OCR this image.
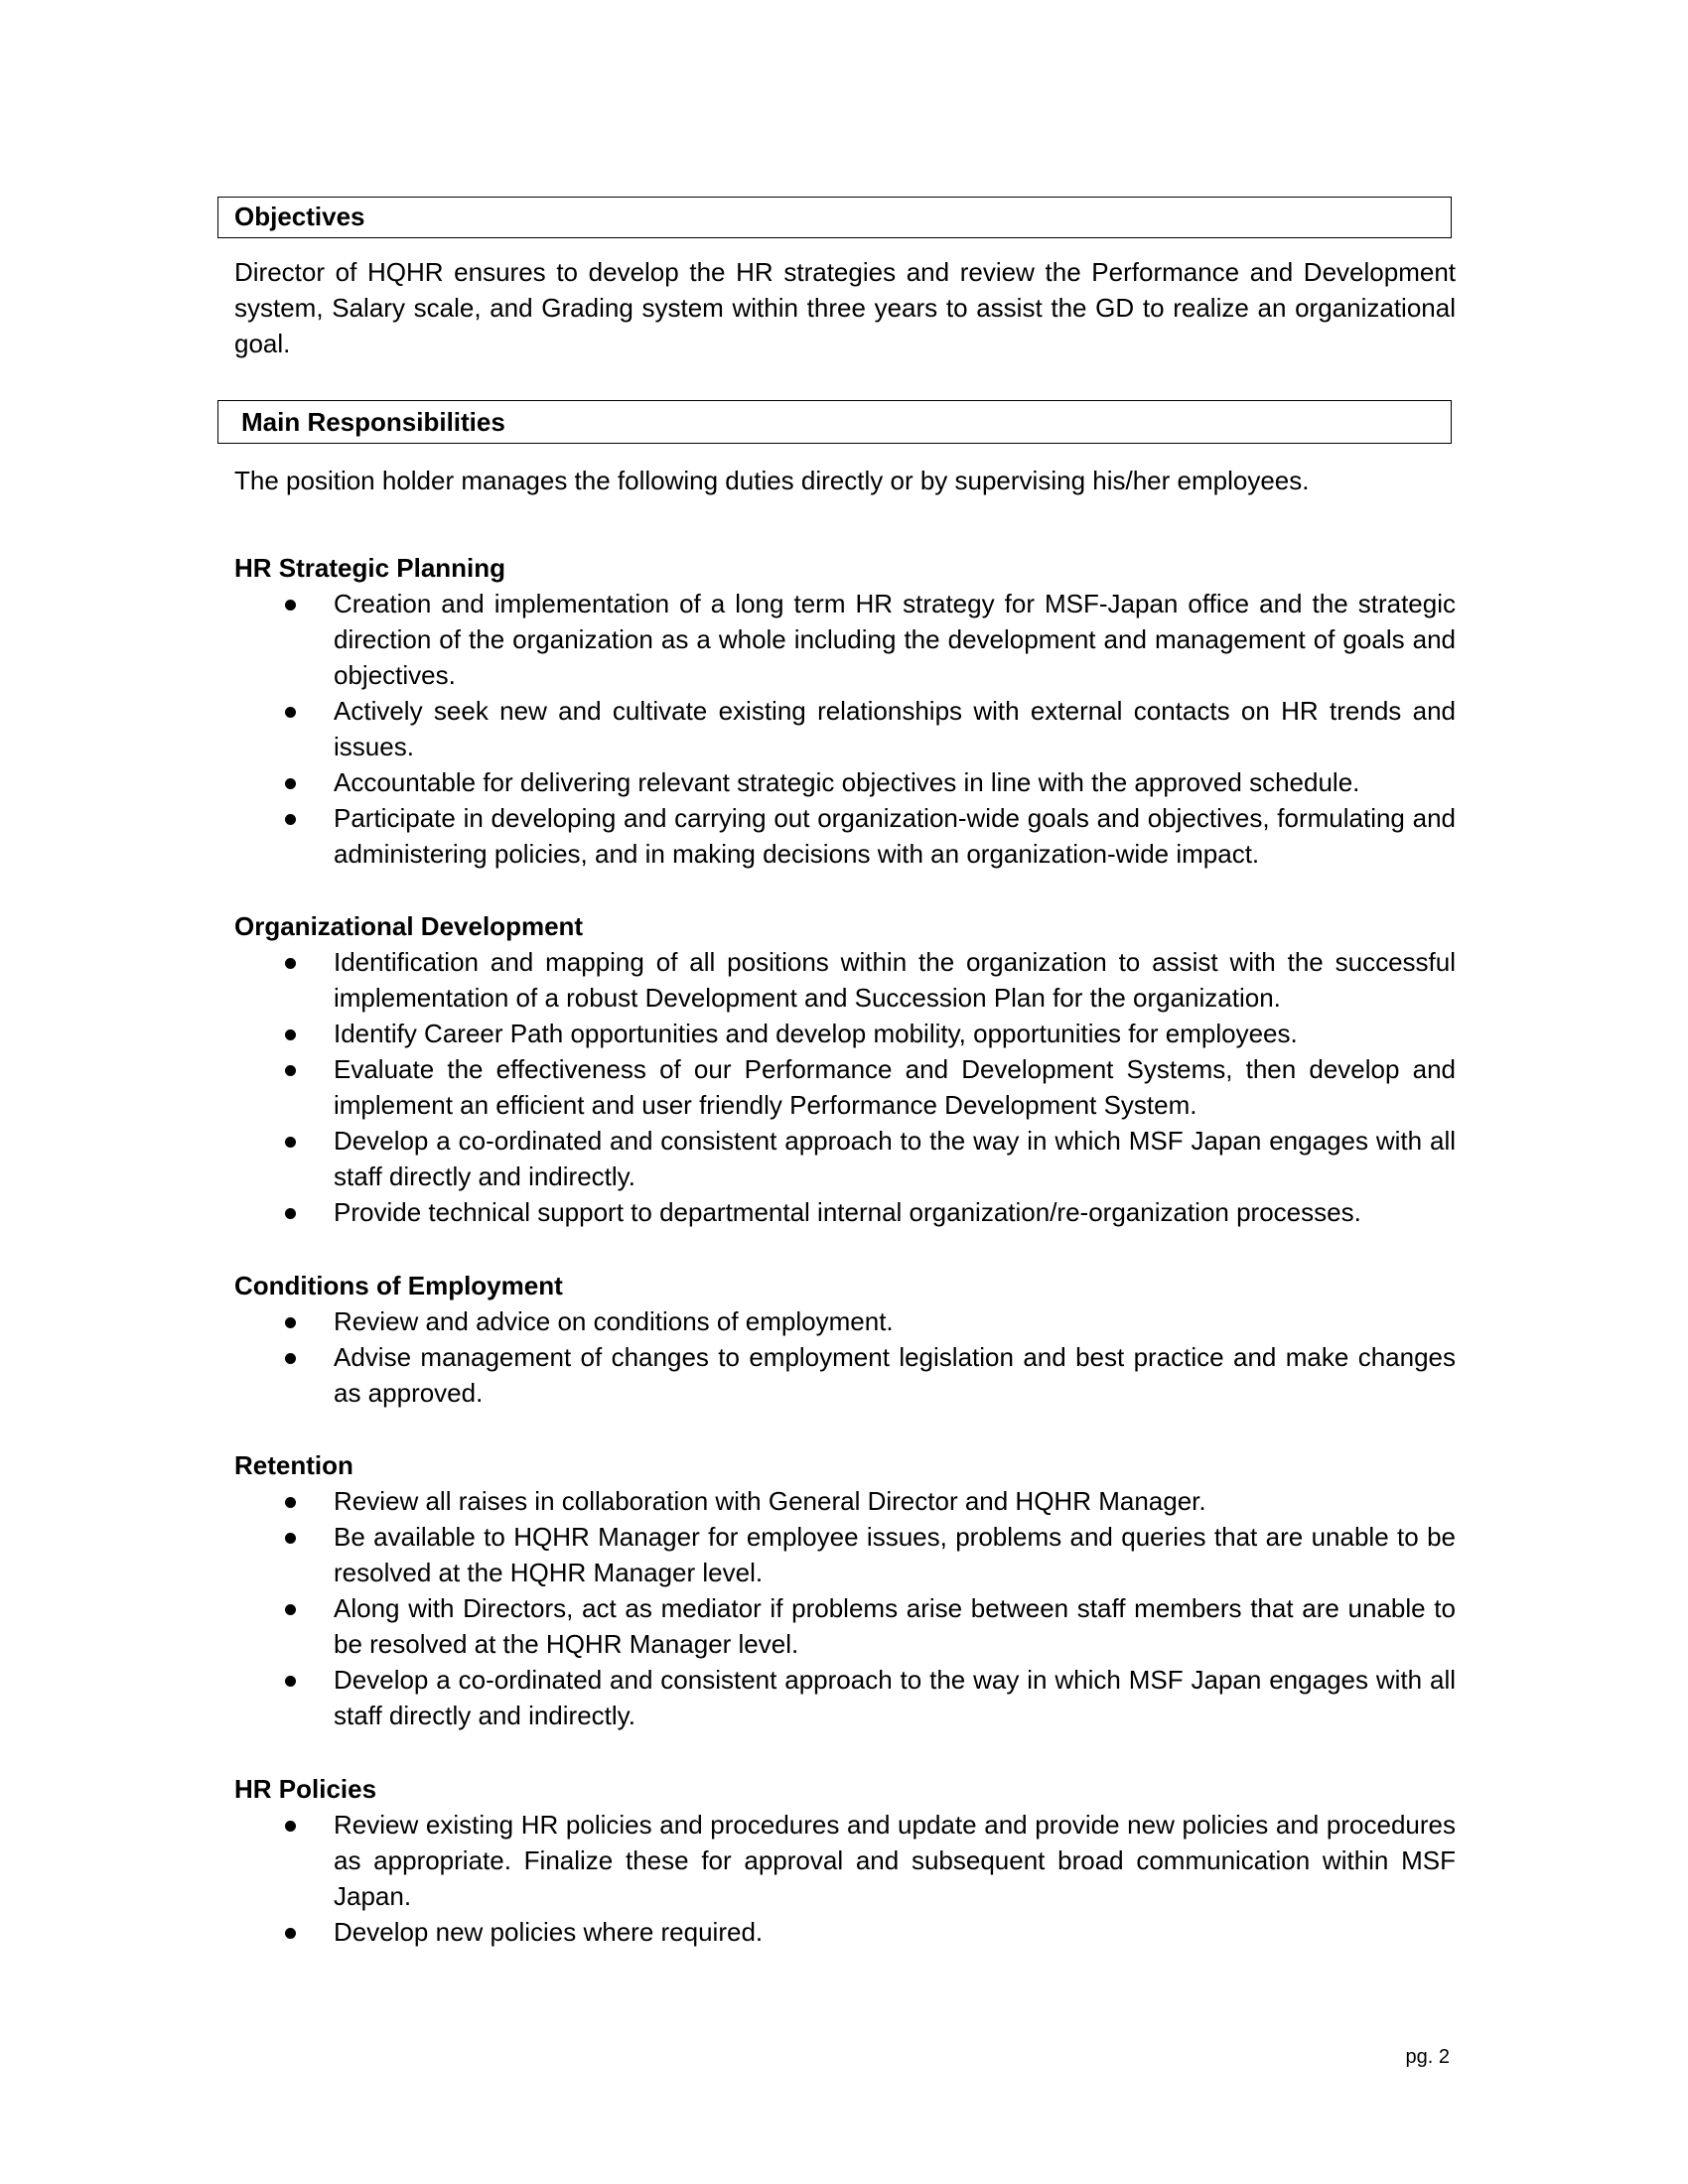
Objectives
Director of HQHR ensures to develop the HR strategies and review the Performance and Development system, Salary scale, and Grading system within three years to assist the GD to realize an organizational goal.
Main Responsibilities
The position holder manages the following duties directly or by supervising his/her employees.
HR Strategic Planning
Creation and implementation of a long term HR strategy for MSF-Japan office and the strategic direction of the organization as a whole including the development and management of goals and objectives.
Actively seek new and cultivate existing relationships with external contacts on HR trends and issues.
Accountable for delivering relevant strategic objectives in line with the approved schedule.
Participate in developing and carrying out organization-wide goals and objectives, formulating and administering policies, and in making decisions with an organization-wide impact.
Organizational Development
Identification and mapping of all positions within the organization to assist with the successful implementation of a robust Development and Succession Plan for the organization.
Identify Career Path opportunities and develop mobility, opportunities for employees.
Evaluate the effectiveness of our Performance and Development Systems, then develop and implement an efficient and user friendly Performance Development System.
Develop a co-ordinated and consistent approach to the way in which MSF Japan engages with all staff directly and indirectly.
Provide technical support to departmental internal organization/re-organization processes.
Conditions of Employment
Review and advice on conditions of employment.
Advise management of changes to employment legislation and best practice and make changes as approved.
Retention
Review all raises in collaboration with General Director and HQHR Manager.
Be available to HQHR Manager for employee issues, problems and queries that are unable to be resolved at the HQHR Manager level.
Along with Directors, act as mediator if problems arise between staff members that are unable to be resolved at the HQHR Manager level.
Develop a co-ordinated and consistent approach to the way in which MSF Japan engages with all staff directly and indirectly.
HR Policies
Review existing HR policies and procedures and update and provide new policies and procedures as appropriate. Finalize these for approval and subsequent broad communication within MSF Japan.
Develop new policies where required.
pg. 2
